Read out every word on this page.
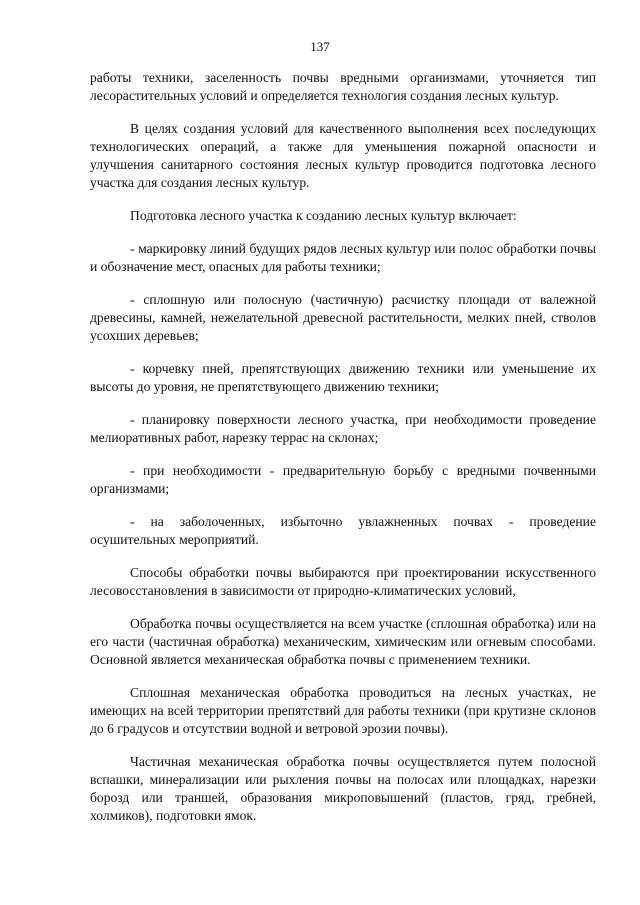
137

работы техники, заселенность почвы вредными организмами, уточняется тип лесорастительных условий и определяется технология создания лесных культур.

В целях создания условий для качественного выполнения всех последующих технологических операций, а также для уменьшения пожарной опасности и улучшения санитарного состояния лесных культур проводится подготовка лесного участка для создания лесных культур.

Подготовка лесного участка к созданию лесных культур включает:

- маркировку линий будущих рядов лесных культур или полос обработки почвы и обозначение мест, опасных для работы техники;

- сплошную или полосную (частичную) расчистку площади от валежной древесины, камней, нежелательной древесной растительности, мелких пней, стволов усохших деревьев;

- корчевку пней, препятствующих движению техники или уменьшение их высоты до уровня, не препятствующего движению техники;

- планировку поверхности лесного участка, при необходимости проведение мелиоративных работ, нарезку террас на склонах;

- при необходимости - предварительную борьбу с вредными почвенными организмами;

- на заболоченных, избыточно увлажненных почвах - проведение осушительных мероприятий.

Способы обработки почвы выбираются при проектировании искусственного лесовосстановления в зависимости от природно-климатических условий,

Обработка почвы осуществляется на всем участке (сплошная обработка) или на его части (частичная обработка) механическим, химическим или огневым способами. Основной является механическая обработка почвы с применением техники.

Сплошная механическая обработка проводиться на лесных участках, не имеющих на всей территории препятствий для работы техники (при крутизне склонов до 6 градусов и отсутствии водной и ветровой эрозии почвы).

Частичная механическая обработка почвы осуществляется путем полосной вспашки, минерализации или рыхления почвы на полосах или площадках, нарезки борозд или траншей, образования микроповышений (пластов, гряд, гребней, холмиков), подготовки ямок.
